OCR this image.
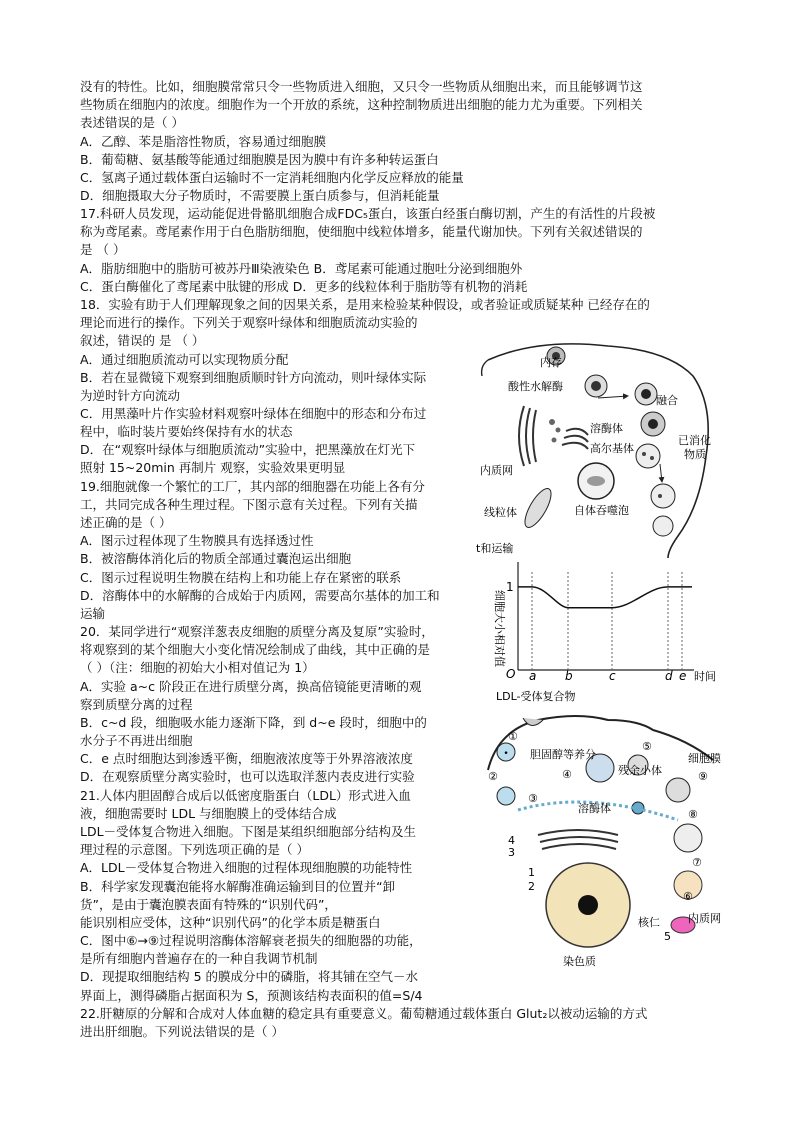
没有的特性。比如，细胞膜常常只令一些物质进入细胞，又只令一些物质从细胞出来，而且能够调节这
些物质在细胞内的浓度。细胞作为一个开放的系统，这种控制物质进出细胞的能力尤为重要。下列相关
表述错误的是（ ）
A．乙醇、苯是脂溶性物质，容易通过细胞膜
B．葡萄糖、氨基酸等能通过细胞膜是因为膜中有许多种转运蛋白
C．氢离子通过载体蛋白运输时不一定消耗细胞内化学反应释放的能量
D．细胞摄取大分子物质时，不需要膜上蛋白质参与，但消耗能量
17.科研人员发现，运动能促进骨骼肌细胞合成FDC₅蛋白，该蛋白经蛋白酶切割，产生的有活性的片段被
称为鸢尾素。鸢尾素作用于白色脂肪细胞，使细胞中线粒体增多，能量代谢加快。下列有关叙述错误的
是 （ ）
A．脂肪细胞中的脂肪可被苏丹Ⅲ染液染色 B．鸢尾素可能通过胞吐分泌到细胞外
C．蛋白酶催化了鸢尾素中肽键的形成 D．更多的线粒体利于脂肪等有机物的消耗
18．实验有助于人们理解现象之间的因果关系，是用来检验某种假设，或者验证或质疑某种 已经存在的
理论而进行的操作。下列关于观察叶绿体和细胞质流动实验的
叙述，错误的 是 （ ）
A．通过细胞质流动可以实现物质分配
B．若在显微镜下观察到细胞质顺时针方向流动，则叶绿体实际
为逆时针方向流动
C．用黑藻叶片作实验材料观察叶绿体在细胞中的形态和分布过
程中，临时装片要始终保持有水的状态
D．在“观察叶绿体与细胞质流动”实验中，把黑藻放在灯光下
照射 15~20min 再制片 观察，实验效果更明显
19.细胞就像一个繁忙的工厂，其内部的细胞器在功能上各有分
工，共同完成各种生理过程。下图示意有关过程。下列有关描
述正确的是（ ）
A．图示过程体现了生物膜具有选择透过性
B．被溶酶体消化后的物质全部通过囊泡运出细胞
C．图示过程说明生物膜在结构上和功能上存在紧密的联系
D．溶酶体中的水解酶的合成始于内质网，需要高尔基体的加工和
运输
20．某同学进行“观察洋葱表皮细胞的质壁分离及复原”实验时，
将观察到的某个细胞大小变化情况绘制成了曲线，其中正确的是
（ ）（注：细胞的初始大小相对值记为 1）
A．实验 a~c 阶段正在进行质壁分离，换高倍镜能更清晰的观
察到质壁分离的过程
B．c~d 段，细胞吸水能力逐渐下降，到 d~e 段时，细胞中的
水分子不再进出细胞
C．e 点时细胞达到渗透平衡，细胞液浓度等于外界溶液浓度
D．在观察质壁分离实验时，也可以选取洋葱内表皮进行实验
21.人体内胆固醇合成后以低密度脂蛋白（LDL）形式进入血
液，细胞需要时 LDL 与细胞膜上的受体结合成
LDL－受体复合物进入细胞。下图是某组织细胞部分结构及生
理过程的示意图。下列选项正确的是（ ）
A．LDL－受体复合物进入细胞的过程体现细胞膜的功能特性
B．科学家发现囊泡能将水解酶准确运输到目的位置并“卸
货”，是由于囊泡膜表面有特殊的“识别代码”，
能识别相应受体，这种“识别代码”的化学本质是糖蛋白
C．图中⑥→⑨过程说明溶酶体溶解衰老损失的细胞器的功能，
是所有细胞内普遍存在的一种自我调节机制
D．现提取细胞结构 5 的膜成分中的磷脂，将其铺在空气－水
界面上，测得磷脂占据面积为 S，预测该结构表面积的值=S/4
22.肝糖原的分解和合成对人体血糖的稳定具有重要意义。葡萄糖通过载体蛋白 Glut₂以被动运输的方式
进出肝细胞。下列说法错误的是（ ）
内存
酸性水解酶
融合
溶酶体
高尔基体
已消化
物质
内质网
线粒体	自体吞噬泡
t和运输
细胞大小相对值
O	时间
a b	c	d e
1
•
LDL-受体复合物
胆固醇等养分
残余小体
细胞膜
溶酶体
内质网
核仁
染色质
①
②
③
④
⑤
⑥
⑦
⑧
⑨
1
2
3
4
5
